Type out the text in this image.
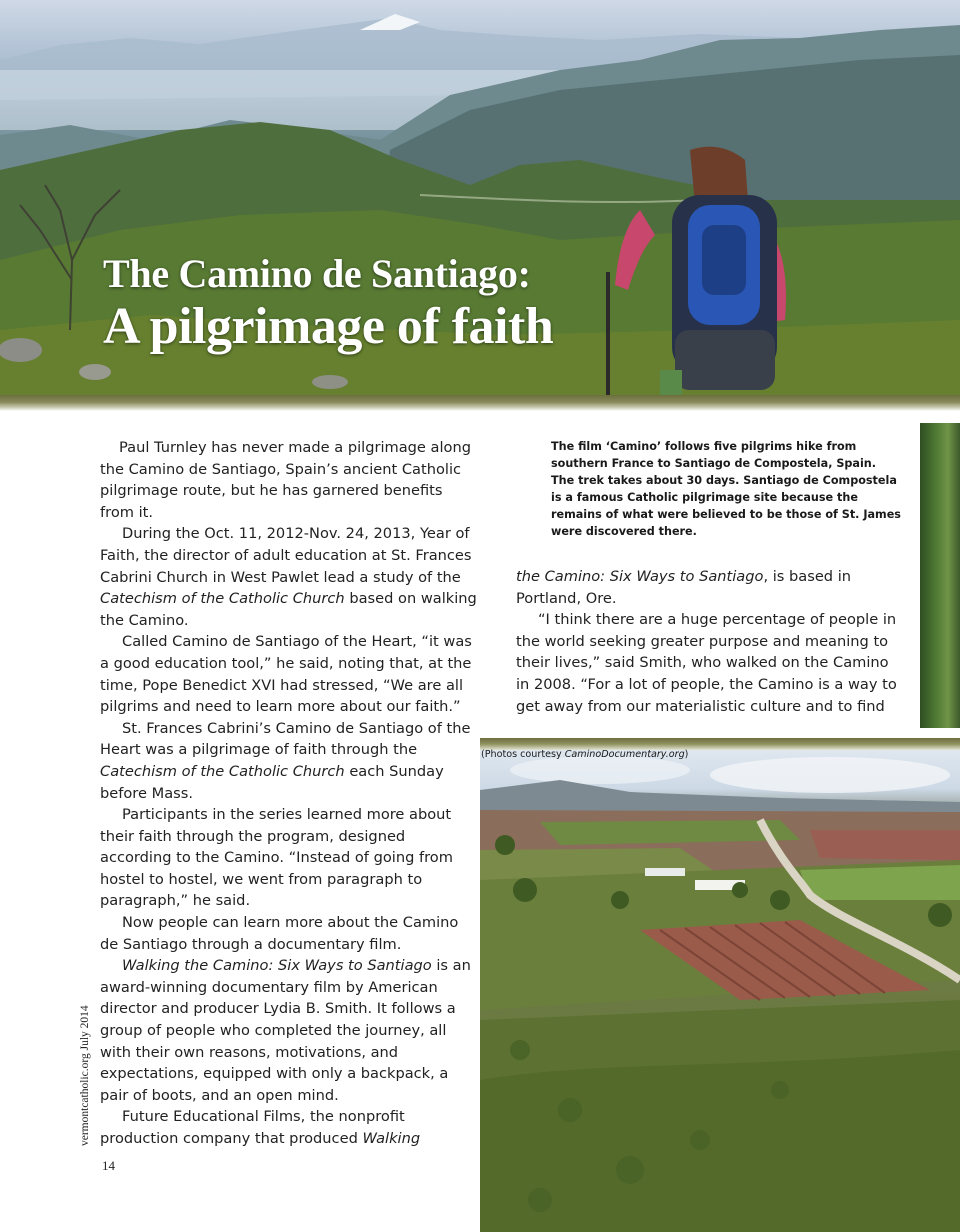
The Camino de Santiago:
A pilgrimage of faith
The film ‘Camino’ follows five pilgrims hike from southern France to Santiago de Compostela, Spain. The trek takes about 30 days. Santiago de Compostela is a famous Catholic pilgrimage site because the remains of what were believed to be those of St. James were discovered there.

Paul Turnley has never made a pilgrimage along the Camino de Santiago, Spain’s ancient Catholic pilgrimage route, but he has garnered benefits from it.

During the Oct. 11, 2012-Nov. 24, 2013, Year of Faith, the director of adult education at St. Frances Cabrini Church in West Pawlet lead a study of the Catechism of the Catholic Church based on walking the Camino.

Called Camino de Santiago of the Heart, “it was a good education tool,” he said, noting that, at the time, Pope Benedict XVI had stressed, “We are all pilgrims and need to learn more about our faith.”

St. Frances Cabrini’s Camino de Santiago of the Heart was a pilgrimage of faith through the Catechism of the Catholic Church each Sunday before Mass.

Participants in the series learned more about their faith through the program, designed according to the Camino. “Instead of going from hostel to hostel, we went from paragraph to paragraph,” he said.

Now people can learn more about the Camino de Santiago through a documentary film.

Walking the Camino: Six Ways to Santiago is an award-winning documentary film by American director and producer Lydia B. Smith. It follows a group of people who completed the journey, all with their own reasons, motivations, and expectations, equipped with only a backpack, a pair of boots, and an open mind.

Future Educational Films, the nonprofit production company that produced Walking

the Camino: Six Ways to Santiago, is based in Portland, Ore.

“I think there are a huge percentage of people in the world seeking greater purpose and meaning to their lives,” said Smith, who walked on the Camino in 2008. “For a lot of people, the Camino is a way to get away from our materialistic culture and to find

(Photos courtesy CaminoDocumentary.org)
vermontcatholic.org July 2014
14
